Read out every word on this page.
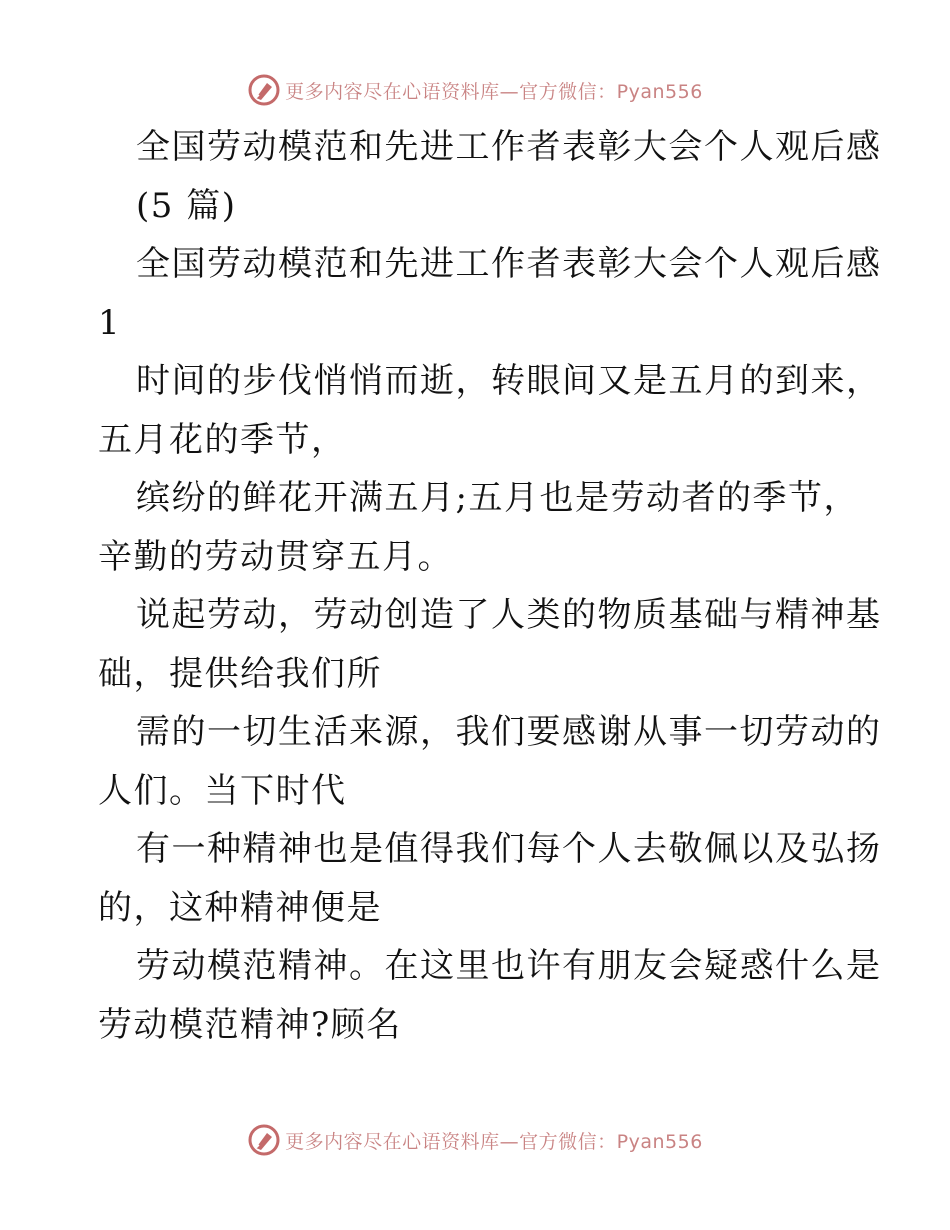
更多内容尽在心语资料库—官方微信：Pyan556
全国劳动模范和先进工作者表彰大会个人观后感
(5 篇)
全国劳动模范和先进工作者表彰大会个人观后感
1
时间的步伐悄悄而逝，转眼间又是五月的到来，
五月花的季节，
缤纷的鲜花开满五月;五月也是劳动者的季节，
辛勤的劳动贯穿五月。
说起劳动，劳动创造了人类的物质基础与精神基
础，提供给我们所
需的一切生活来源，我们要感谢从事一切劳动的
人们。当下时代
有一种精神也是值得我们每个人去敬佩以及弘扬
的，这种精神便是
劳动模范精神。在这里也许有朋友会疑惑什么是
劳动模范精神?顾名
更多内容尽在心语资料库—官方微信：Pyan556
